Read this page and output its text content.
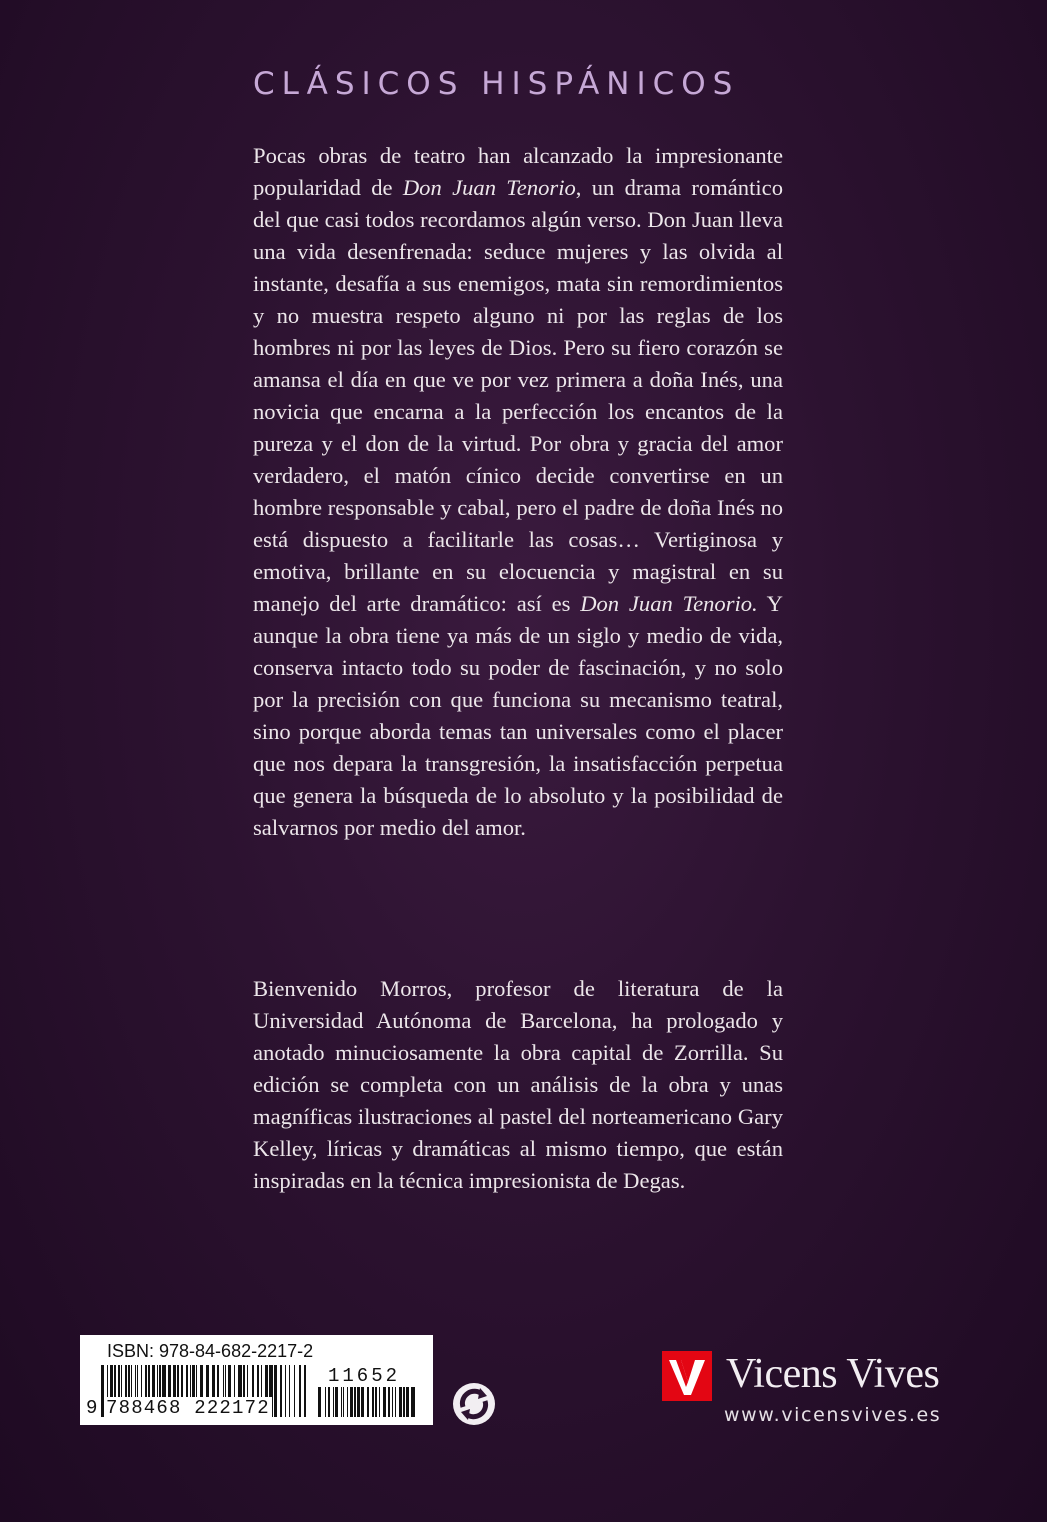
CLÁSICOS HISPÁNICOS

Pocas obras de teatro han alcanzado la impresionante popularidad de Don Juan Tenorio, un drama romántico del que casi todos recordamos algún verso. Don Juan lleva una vida desenfrenada: seduce mujeres y las olvida al instante, desafía a sus enemigos, mata sin remordimientos y no muestra respeto alguno ni por las reglas de los hombres ni por las leyes de Dios. Pero su fiero corazón se amansa el día en que ve por vez primera a doña Inés, una novicia que encarna a la perfección los encantos de la pureza y el don de la virtud. Por obra y gracia del amor verdadero, el matón cínico decide convertirse en un hombre responsable y cabal, pero el padre de doña Inés no está dispuesto a facilitarle las cosas… Vertiginosa y emotiva, brillante en su elocuencia y magistral en su manejo del arte dramático: así es Don Juan Tenorio. Y aunque la obra tiene ya más de un siglo y medio de vida, conserva intacto todo su poder de fascinación, y no solo por la precisión con que funciona su mecanismo teatral, sino porque aborda temas tan universales como el placer que nos depara la transgresión, la insatisfacción perpetua que genera la búsqueda de lo absoluto y la posibilidad de salvarnos por medio del amor.

Bienvenido Morros, profesor de literatura de la Universidad Autónoma de Barcelona, ha prologado y anotado minuciosamente la obra capital de Zorrilla. Su edición se completa con un análisis de la obra y unas magníficas ilustraciones al pastel del norteamericano Gary Kelley, líricas y dramáticas al mismo tiempo, que están inspiradas en la técnica impresionista de Degas.

ISBN: 978-84-682-2217-2
11652
9 788468 222172
Vicens Vives
www.vicensvives.es
